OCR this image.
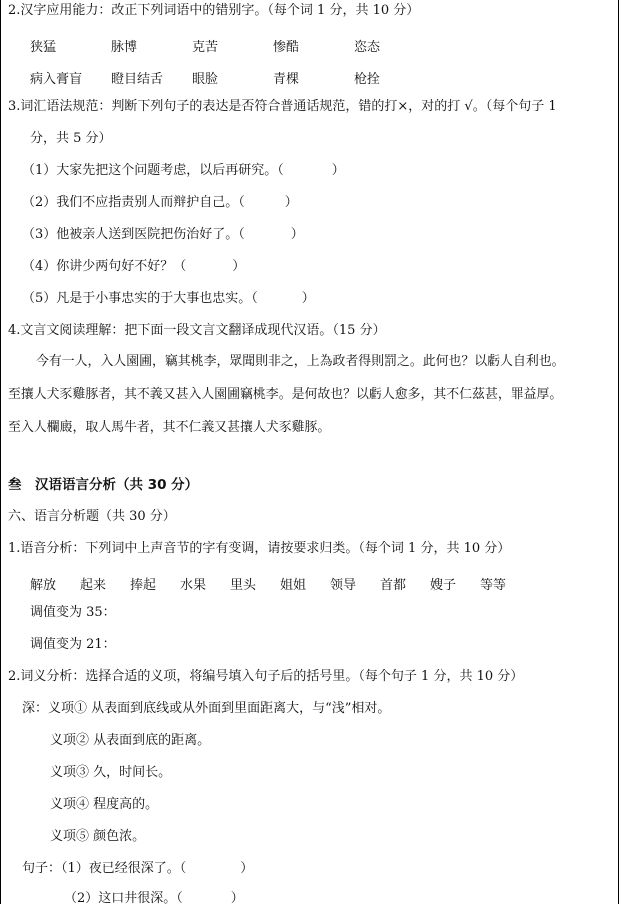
2.汉字应用能力：改正下列词语中的错别字。（每个词 1 分，共 10 分）
狭猛	脉博	克苦	惨酷	恣态
病入膏盲	瞪目结舌	眼脸	青棵	枪拴
3.词汇语法规范：判断下列句子的表达是否符合普通话规范，错的打×，对的打 √。（每个句子 1
分，共 5 分）
（1）大家先把这个问题考虑，以后再研究。（	）
（2）我们不应指责别人而辩护自己。（	）
（3）他被亲人送到医院把伤治好了。（	）
（4）你讲少两句好不好？（	）
（5）凡是于小事忠实的于大事也忠实。（	）
4.文言文阅读理解：把下面一段文言文翻译成现代汉语。（15 分）
今有一人，入人園圃，竊其桃李，眾聞則非之，上為政者得則罰之。此何也？以虧人自利也。
至攘人犬豕雞豚者，其不義又甚入人園圃竊桃李。是何故也？以虧人愈多，其不仁茲甚，罪益厚。
至入人欄廄，取人馬牛者，其不仁義又甚攘人犬豕雞豚。
叁　汉语语言分析（共 30 分）
六、语言分析题（共 30 分）
1.语音分析：下列词中上声音节的字有变调，请按要求归类。（每个词 1 分，共 10 分）
解放	起来	捧起	水果	里头	姐姐	领导	首都	嫂子	等等
调值变为 35：
调值变为 21：
2.词义分析：选择合适的义项，将编号填入句子后的括号里。（每个句子 1 分，共 10 分）
深：义项① 从表面到底线或从外面到里面距离大，与“浅”相对。
义项② 从表面到底的距离。
义项③ 久，时间长。
义项④ 程度高的。
义项⑤ 颜色浓。
句子：（1）夜已经很深了。（	）
（2）这口井很深。（	）
